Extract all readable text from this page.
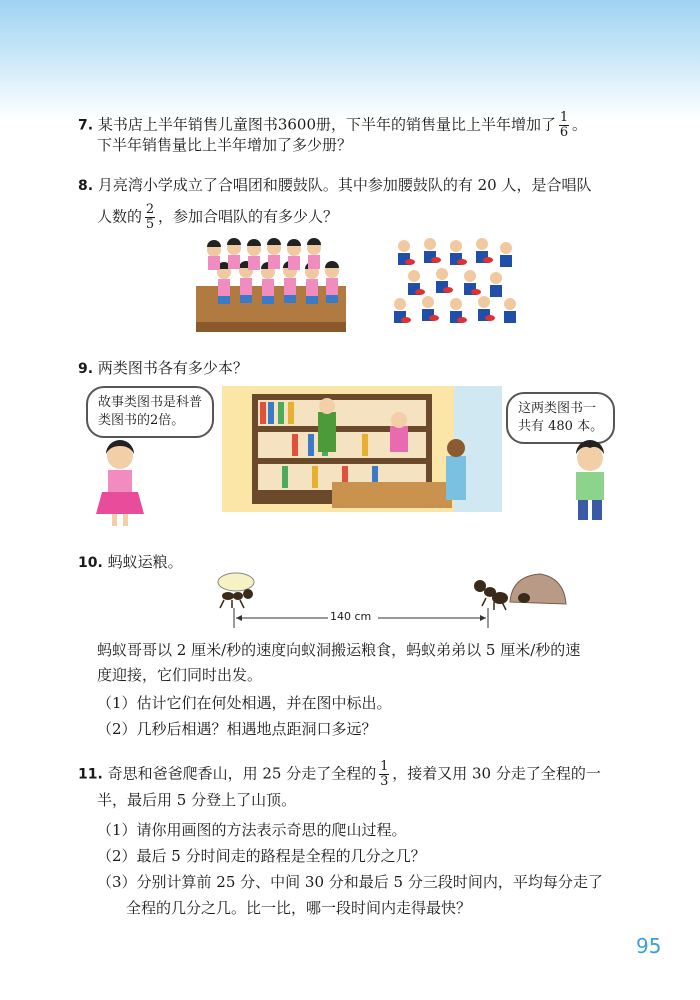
7. 某书店上半年销售儿童图书3600册，下半年的销售量比上半年增加了 $\frac{1}{6}$ 。
下半年销售量比上半年增加了多少册？
8. 月亮湾小学成立了合唱团和腰鼓队。其中参加腰鼓队的有 20 人，是合唱队
人数的 $\frac{2}{5}$ ，参加合唱队的有多少人？
9. 两类图书各有多少本？
故事类图书是科普
类图书的2倍。
这两类图书一
共有 480 本。
10. 蚂蚁运粮。
140 cm
蚂蚁哥哥以 2 厘米/秒的速度向蚁洞搬运粮食，蚂蚁弟弟以 5 厘米/秒的速
度迎接，它们同时出发。
（1）估计它们在何处相遇，并在图中标出。
（2）几秒后相遇？相遇地点距洞口多远？
11. 奇思和爸爸爬香山，用 25 分走了全程的 $\frac{1}{3}$ ，接着又用 30 分走了全程的一
半，最后用 5 分登上了山顶。
（1）请你用画图的方法表示奇思的爬山过程。
（2）最后 5 分时间走的路程是全程的几分之几？
（3）分别计算前 25 分、中间 30 分和最后 5 分三段时间内，平均每分走了
全程的几分之几。比一比，哪一段时间内走得最快？
95
